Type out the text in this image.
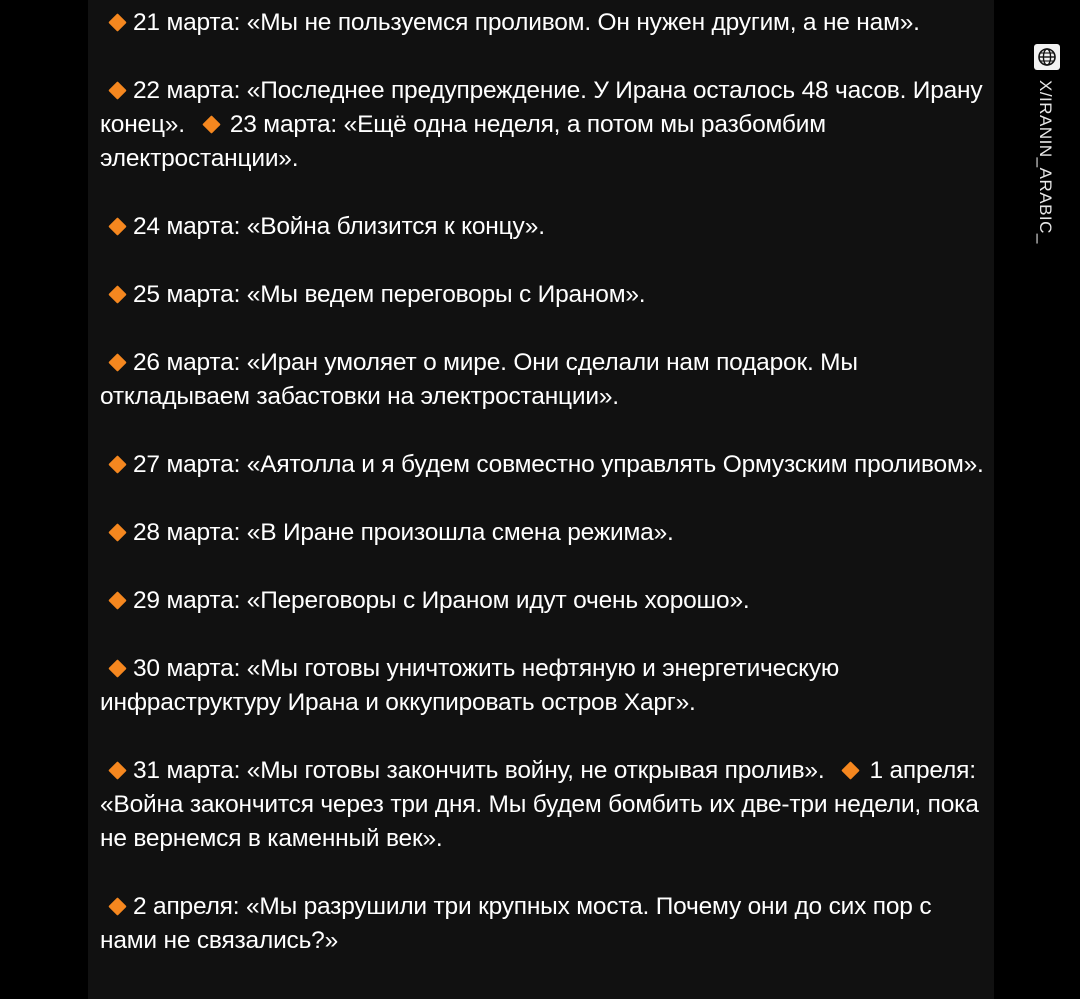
21 марта: «Мы не пользуемся проливом. Он нужен другим, а не нам».
22 марта: «Последнее предупреждение. У Ирана осталось 48 часов. Ирану конец». 23 марта: «Ещё одна неделя, а потом мы разбомбим электростанции».
24 марта: «Война близится к концу».
25 марта: «Мы ведем переговоры с Ираном».
26 марта: «Иран умоляет о мире. Они сделали нам подарок. Мы откладываем забастовки на электростанции».
27 марта: «Аятолла и я будем совместно управлять Ормузским проливом».
28 марта: «В Иране произошла смена режима».
29 марта: «Переговоры с Ираном идут очень хорошо».
30 марта: «Мы готовы уничтожить нефтяную и энергетическую инфраструктуру Ирана и оккупировать остров Харг».
31 марта: «Мы готовы закончить войну, не открывая пролив». 1 апреля: «Война закончится через три дня. Мы будем бомбить их две-три недели, пока не вернемся в каменный век».
2 апреля: «Мы разрушили три крупных моста. Почему они до сих пор с нами не связались?»
X/IRANIN_ARABIC_
